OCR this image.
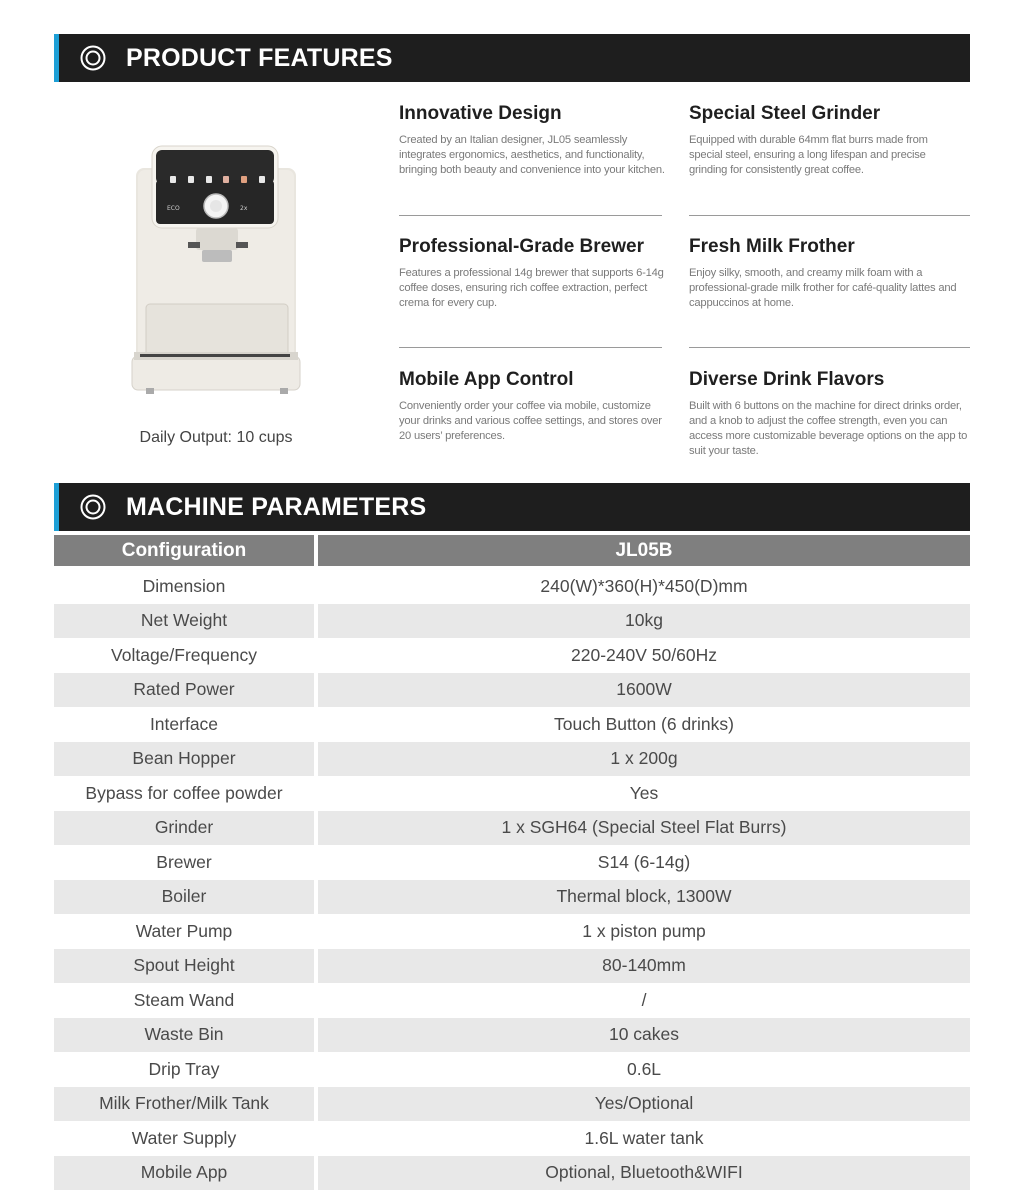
PRODUCT FEATURES
ECO	2x
Daily Output: 10 cups
Innovative Design
Created by an Italian designer, JL05 seamlessly integrates ergonomics, aesthetics, and functionality, bringing both beauty and convenience into your kitchen.
Special Steel Grinder
Equipped with durable 64mm flat burrs made from special steel, ensuring a long lifespan and precise grinding for consistently great coffee.
Professional-Grade Brewer
Features a professional 14g brewer that supports 6-14g coffee doses, ensuring rich coffee extraction, perfect crema for every cup.
Fresh Milk Frother
Enjoy silky, smooth, and creamy milk foam with a professional-grade milk frother for café-quality lattes and cappuccinos at home.
Mobile App Control
Conveniently order your coffee via mobile, customize your drinks and various coffee settings, and stores over 20 users’ preferences.
Diverse Drink Flavors
Built with 6 buttons on the machine for direct drinks order, and a knob to adjust the coffee strength, even you can access more customizable beverage options on the app to suit your taste.
MACHINE PARAMETERS
Configuration	JL05B
Dimension	240(W)*360(H)*450(D)mm
Net Weight	10kg
Voltage/Frequency	220-240V 50/60Hz
Rated Power	1600W
Interface	Touch Button (6 drinks)
Bean Hopper	1 x 200g
Bypass for coffee powder	Yes
Grinder	1 x SGH64 (Special Steel Flat Burrs)
Brewer	S14 (6-14g)
Boiler	Thermal block, 1300W
Water Pump	1 x piston pump
Spout Height	80-140mm
Steam Wand	/
Waste Bin	10 cakes
Drip Tray	0.6L
Milk Frother/Milk Tank	Yes/Optional
Water Supply	1.6L water tank
Mobile App	Optional, Bluetooth&WIFI
